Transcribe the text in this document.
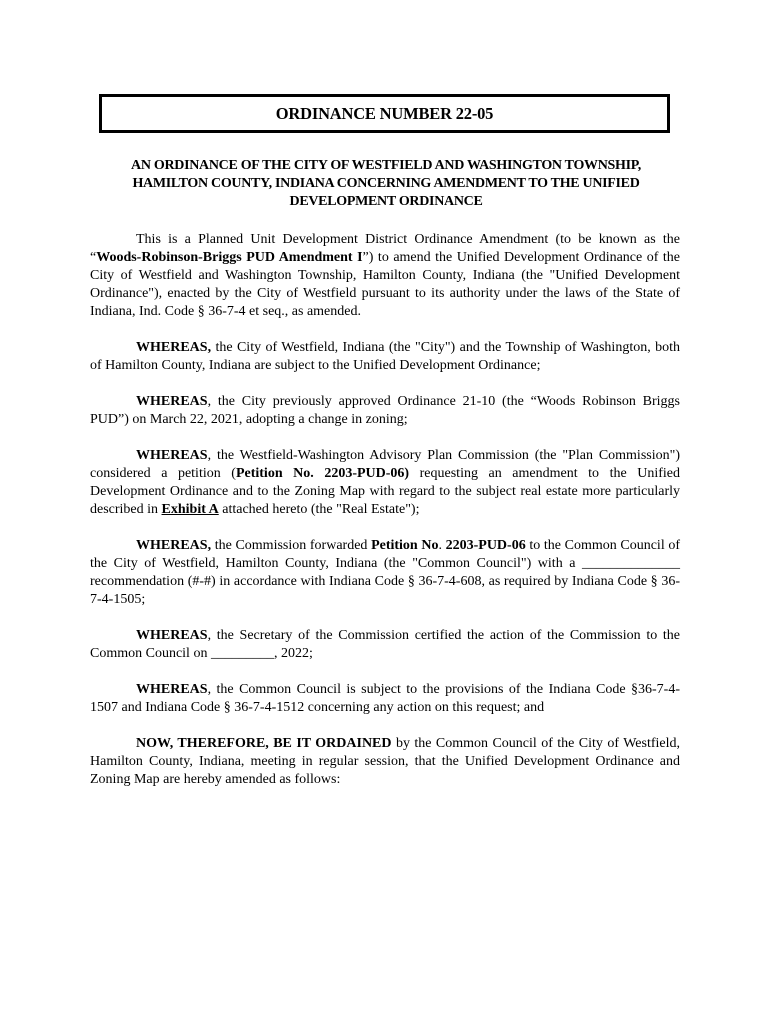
ORDINANCE NUMBER 22-05
AN ORDINANCE OF THE CITY OF WESTFIELD AND WASHINGTON TOWNSHIP, HAMILTON COUNTY, INDIANA CONCERNING AMENDMENT TO THE UNIFIED DEVELOPMENT ORDINANCE

This is a Planned Unit Development District Ordinance Amendment (to be known as the “Woods-Robinson-Briggs PUD Amendment I”) to amend the Unified Development Ordinance of the City of Westfield and Washington Township, Hamilton County, Indiana (the "Unified Development Ordinance"), enacted by the City of Westfield pursuant to its authority under the laws of the State of Indiana, Ind. Code § 36-7-4 et seq., as amended.

WHEREAS, the City of Westfield, Indiana (the "City") and the Township of Washington, both of Hamilton County, Indiana are subject to the Unified Development Ordinance;

WHEREAS, the City previously approved Ordinance 21-10 (the “Woods Robinson Briggs PUD”) on March 22, 2021, adopting a change in zoning;

WHEREAS, the Westfield-Washington Advisory Plan Commission (the "Plan Commission") considered a petition (Petition No. 2203-PUD-06) requesting an amendment to the Unified Development Ordinance and to the Zoning Map with regard to the subject real estate more particularly described in Exhibit A attached hereto (the "Real Estate");

WHEREAS, the Commission forwarded Petition No. 2203-PUD-06 to the Common Council of the City of Westfield, Hamilton County, Indiana (the "Common Council") with a ______________ recommendation (#-#) in accordance with Indiana Code § 36-7-4-608, as required by Indiana Code § 36-7-4-1505;

WHEREAS, the Secretary of the Commission certified the action of the Commission to the Common Council on _________, 2022;

WHEREAS, the Common Council is subject to the provisions of the Indiana Code §36-7-4-1507 and Indiana Code § 36-7-4-1512 concerning any action on this request; and

NOW, THEREFORE, BE IT ORDAINED by the Common Council of the City of Westfield, Hamilton County, Indiana, meeting in regular session, that the Unified Development Ordinance and Zoning Map are hereby amended as follows:
